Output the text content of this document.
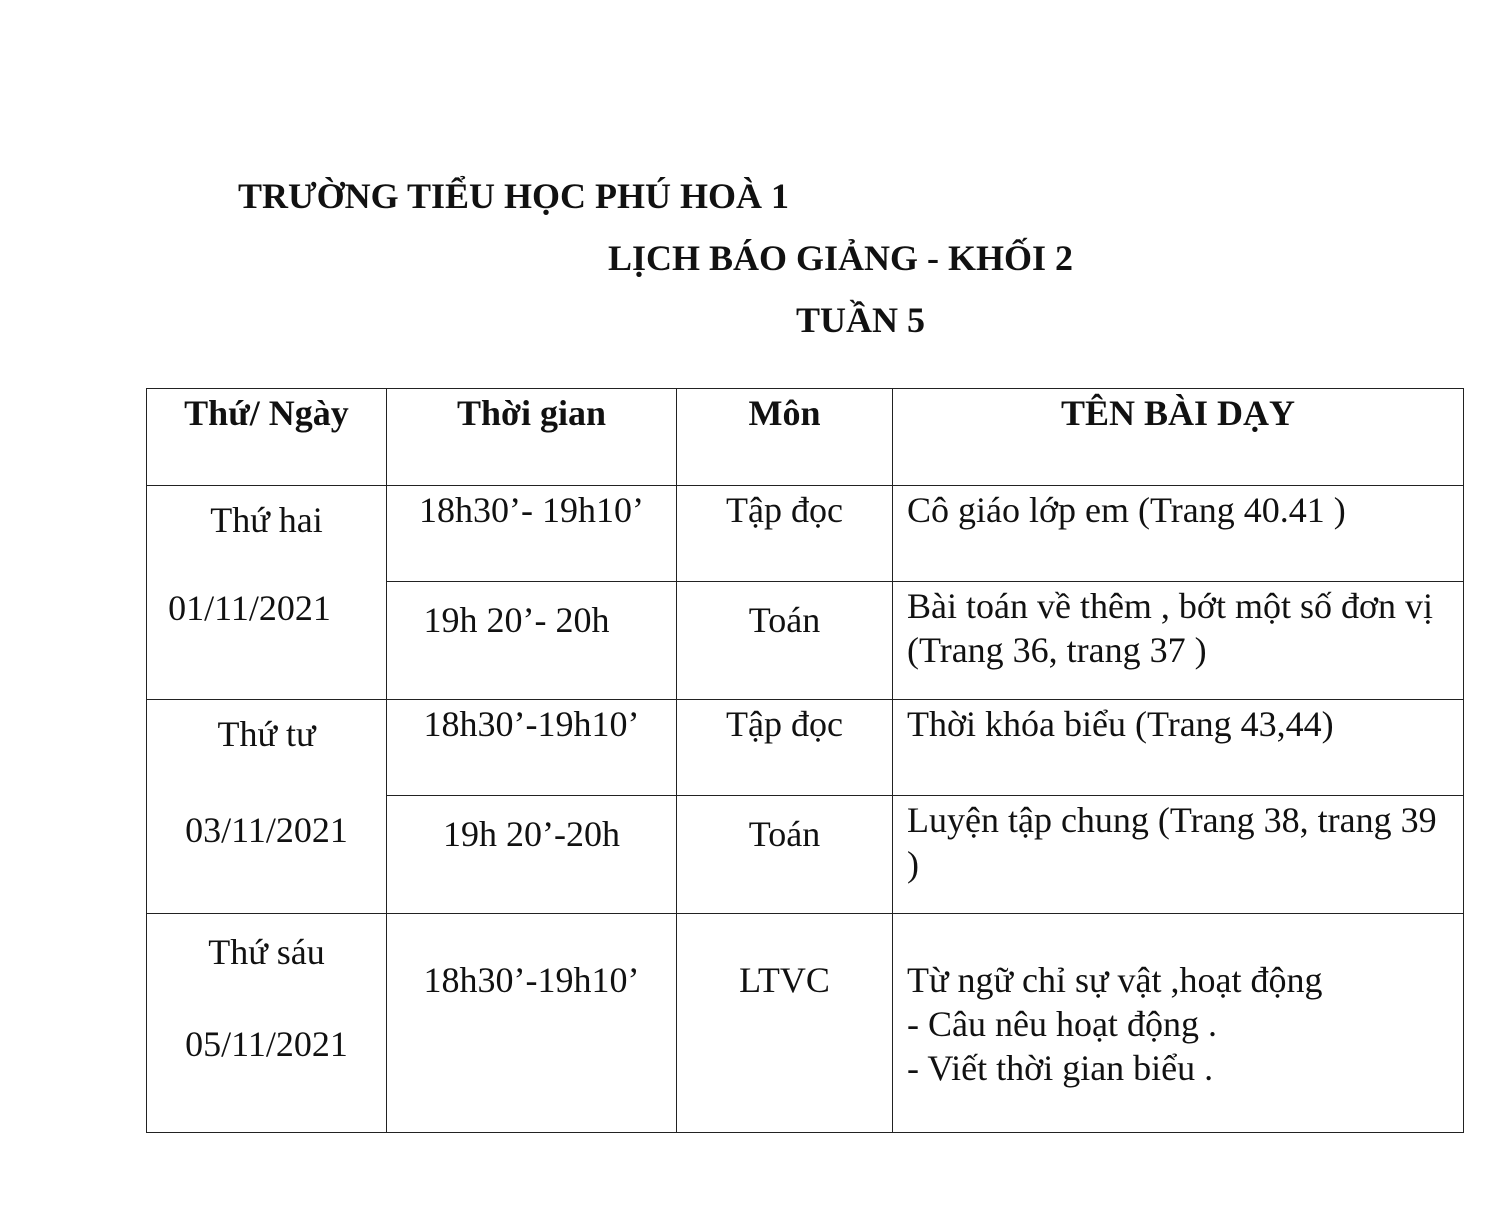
TRƯỜNG TIỂU HỌC PHÚ HOÀ 1
LỊCH BÁO GIẢNG - KHỐI 2
TUẦN 5
Thứ/ Ngày	Thời gian	Môn	TÊN BÀI DẠY

Thứ hai
01/11/2021	18h30’- 19h10’	Tập đọc	Cô giáo lớp em (Trang 40.41 )

	19h 20’- 20h	Toán	Bài toán về thêm , bớt một số đơn vị (Trang 36, trang 37 )

Thứ tư
03/11/2021	18h30’-19h10’	Tập đọc	Thời khóa biểu (Trang 43,44)

	19h 20’-20h	Toán	Luyện tập chung (Trang 38, trang 39 )

Thứ sáu
05/11/2021	18h30’-19h10’	LTVC	Từ ngữ chỉ sự vật ,hoạt động
- Câu nêu hoạt động .
- Viết thời gian biểu .
